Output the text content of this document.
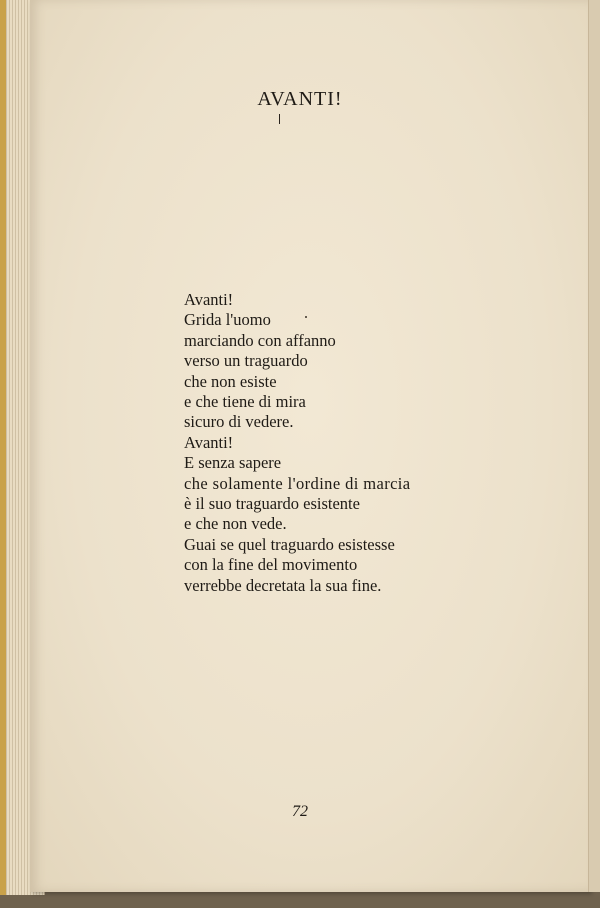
AVANTI!
Avanti!
Grida l'uomo
marciando con affanno
verso un traguardo
che non esiste
e che tiene di mira
sicuro di vedere.
Avanti!
E senza sapere
che solamente l'ordine di marcia
è il suo traguardo esistente
e che non vede.
Guai se quel traguardo esistesse
con la fine del movimento
verrebbe decretata la sua fine.
72
